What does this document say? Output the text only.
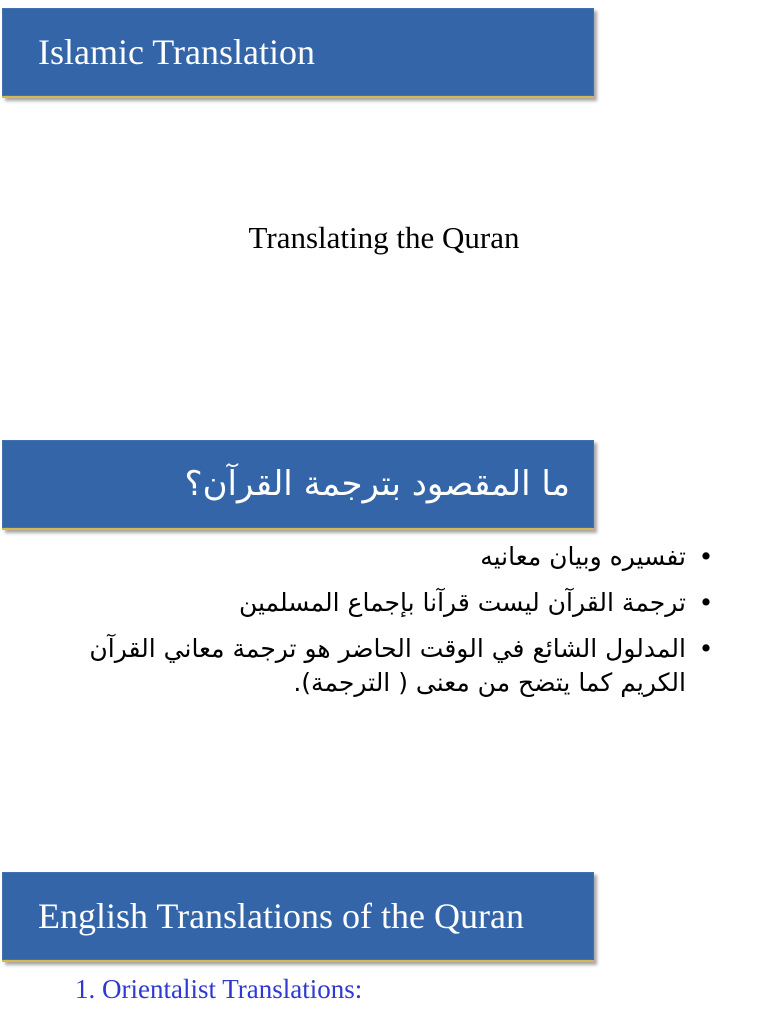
Islamic Translation
Translating the Quran
ما المقصود بترجمة القرآن؟
•
تفسيره وبيان معانيه
•
ترجمة القرآن ليست قرآنا بإجماع المسلمين
•
المدلول الشائع في الوقت الحاضر هو ترجمة معاني القرآن الكريم كما يتضح من معنى ( الترجمة).
English Translations of the Quran
1. Orientalist Translations:
